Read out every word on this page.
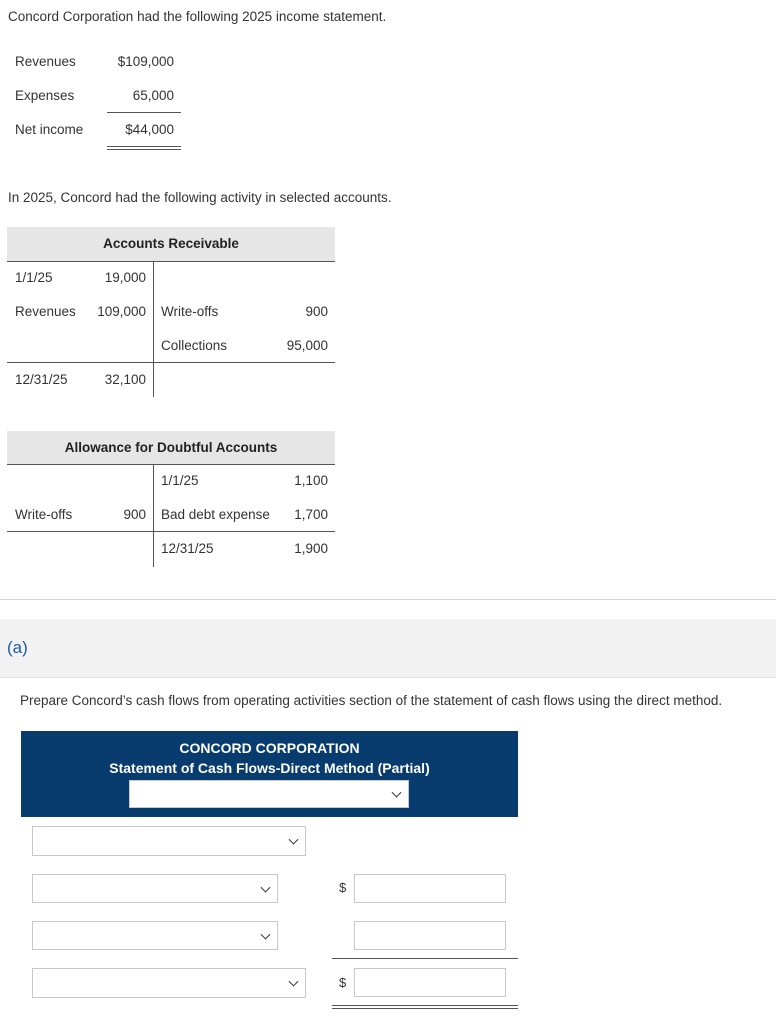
Concord Corporation had the following 2025 income statement.
Revenues	$109,000
Expenses	65,000
Net income	$44,000
In 2025, Concord had the following activity in selected accounts.
Accounts Receivable
1/1/25	19,000
Revenues	109,000 Write-offs	900
Collections	95,000
12/31/25	32,100
Allowance for Doubtful Accounts
1/1/25	1,100
Write-offs	900 Bad debt expense	1,700
12/31/25	1,900
(a)
Prepare Concord’s cash flows from operating activities section of the statement of cash flows using the direct method.
CONCORD CORPORATION
Statement of Cash Flows-Direct Method (Partial)
$
$
